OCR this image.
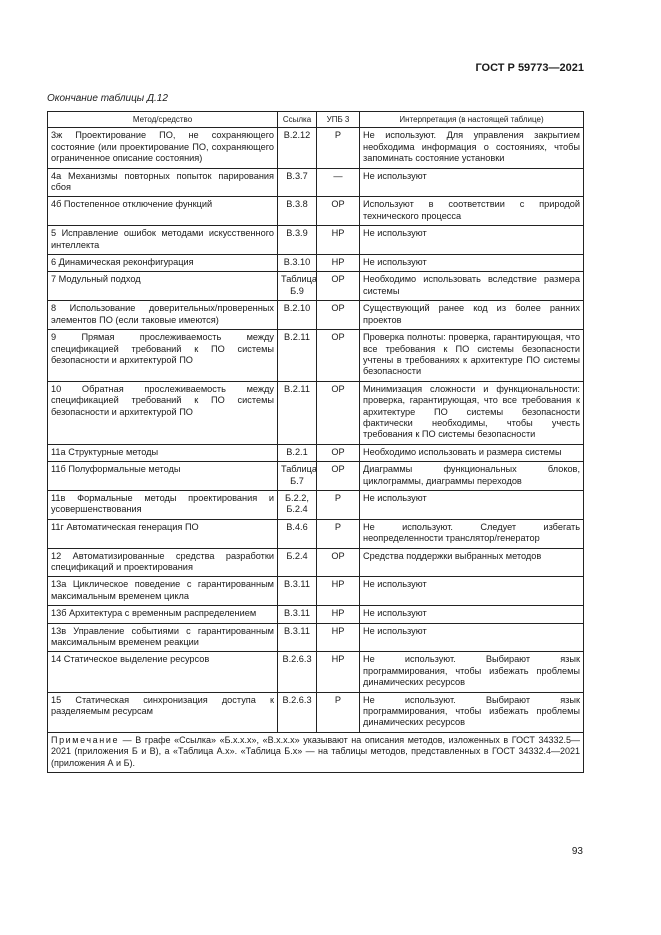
ГОСТ Р 59773—2021
Окончание таблицы Д.12
Метод/средство	Ссылка	УПБ 3	Интерпретация (в настоящей таблице)
3ж Проектирование ПО, не сохраняющего состояние (или проектирование ПО, сохраняющего ограниченное описание состояния)	В.2.12	Р	Не используют. Для управления закрытием необходима информация о состояниях, чтобы запоминать состояние установки
4а Механизмы повторных попыток парирования сбоя	В.3.7	—	Не используют
4б Постепенное отключение функций	В.3.8	ОР	Используют в соответствии с природой технического процесса
5 Исправление ошибок методами искусственного интеллекта	В.3.9	НР	Не используют
6 Динамическая реконфигурация	В.3.10	НР	Не используют
7 Модульный подход	Таблица Б.9	ОР	Необходимо использовать вследствие размера системы
8 Использование доверительных/проверенных элементов ПО (если таковые имеются)	В.2.10	ОР	Существующий ранее код из более ранних проектов
9 Прямая прослеживаемость между спецификацией требований к ПО системы безопасности и архитектурой ПО	В.2.11	ОР	Проверка полноты: проверка, гарантирующая, что все требования к ПО системы безопасности учтены в требованиях к архитектуре ПО системы безопасности
10 Обратная прослеживаемость между спецификацией требований к ПО системы безопасности и архитектурой ПО	В.2.11	ОР	Минимизация сложности и функциональности: проверка, гарантирующая, что все требования к архитектуре ПО системы безопасности фактически необходимы, чтобы учесть требования к ПО системы безопасности
11а Структурные методы	В.2.1	ОР	Необходимо использовать и размера системы
11б Полуформальные методы	Таблица Б.7	ОР	Диаграммы функциональных блоков, циклограммы, диаграммы переходов
11в Формальные методы проектирования и усовершенствования	Б.2.2, Б.2.4	Р	Не используют
11г Автоматическая генерация ПО	В.4.6	Р	Не используют. Следует избегать неопределенности транслятор/генератор
12 Автоматизированные средства разработки спецификаций и проектирования	Б.2.4	ОР	Средства поддержки выбранных методов
13а Циклическое поведение с гарантированным максимальным временем цикла	В.3.11	НР	Не используют
13б Архитектура с временным распределением	В.3.11	НР	Не используют
13в Управление событиями с гарантированным максимальным временем реакции	В.3.11	НР	Не используют
14 Статическое выделение ресурсов	В.2.6.3	НР	Не используют. Выбирают язык программирования, чтобы избежать проблемы динамических ресурсов
15 Статическая синхронизация доступа к разделяемым ресурсам	В.2.6.3	Р	Не используют. Выбирают язык программирования, чтобы избежать проблемы динамических ресурсов
Примечание — В графе «Ссылка» «Б.х.х.х», «В.х.х.х» указывают на описания методов, изложенных в ГОСТ 34332.5—2021 (приложения Б и В), а «Таблица А.х». «Таблица Б.х» — на таблицы методов, представленных в ГОСТ 34332.4—2021 (приложения А и Б).			
93
